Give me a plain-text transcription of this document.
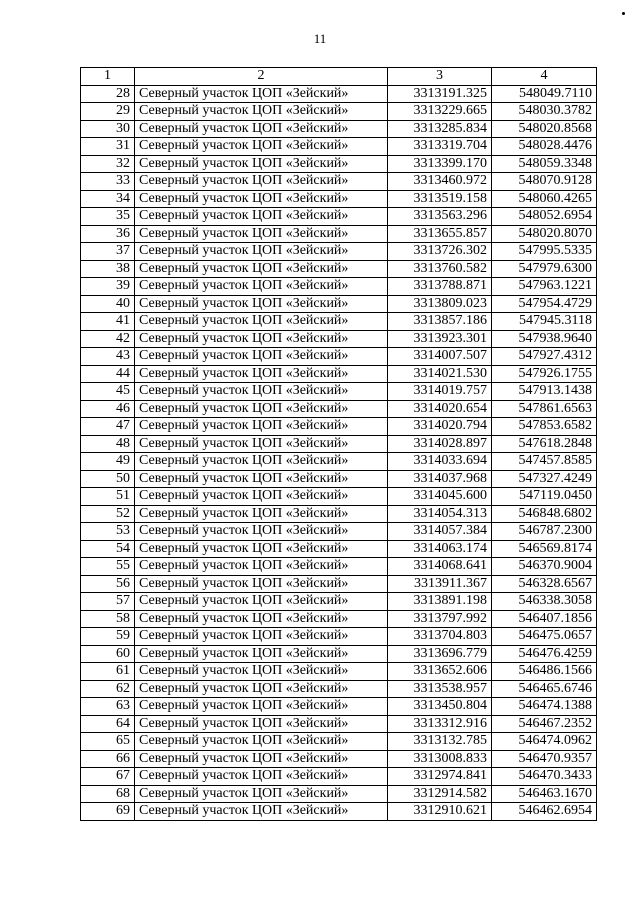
11
1	2	3	4
28	Северный участок ЦОП «Зейский»	3313191.325	548049.7110
29	Северный участок ЦОП «Зейский»	3313229.665	548030.3782
30	Северный участок ЦОП «Зейский»	3313285.834	548020.8568
31	Северный участок ЦОП «Зейский»	3313319.704	548028.4476
32	Северный участок ЦОП «Зейский»	3313399.170	548059.3348
33	Северный участок ЦОП «Зейский»	3313460.972	548070.9128
34	Северный участок ЦОП «Зейский»	3313519.158	548060.4265
35	Северный участок ЦОП «Зейский»	3313563.296	548052.6954
36	Северный участок ЦОП «Зейский»	3313655.857	548020.8070
37	Северный участок ЦОП «Зейский»	3313726.302	547995.5335
38	Северный участок ЦОП «Зейский»	3313760.582	547979.6300
39	Северный участок ЦОП «Зейский»	3313788.871	547963.1221
40	Северный участок ЦОП «Зейский»	3313809.023	547954.4729
41	Северный участок ЦОП «Зейский»	3313857.186	547945.3118
42	Северный участок ЦОП «Зейский»	3313923.301	547938.9640
43	Северный участок ЦОП «Зейский»	3314007.507	547927.4312
44	Северный участок ЦОП «Зейский»	3314021.530	547926.1755
45	Северный участок ЦОП «Зейский»	3314019.757	547913.1438
46	Северный участок ЦОП «Зейский»	3314020.654	547861.6563
47	Северный участок ЦОП «Зейский»	3314020.794	547853.6582
48	Северный участок ЦОП «Зейский»	3314028.897	547618.2848
49	Северный участок ЦОП «Зейский»	3314033.694	547457.8585
50	Северный участок ЦОП «Зейский»	3314037.968	547327.4249
51	Северный участок ЦОП «Зейский»	3314045.600	547119.0450
52	Северный участок ЦОП «Зейский»	3314054.313	546848.6802
53	Северный участок ЦОП «Зейский»	3314057.384	546787.2300
54	Северный участок ЦОП «Зейский»	3314063.174	546569.8174
55	Северный участок ЦОП «Зейский»	3314068.641	546370.9004
56	Северный участок ЦОП «Зейский»	3313911.367	546328.6567
57	Северный участок ЦОП «Зейский»	3313891.198	546338.3058
58	Северный участок ЦОП «Зейский»	3313797.992	546407.1856
59	Северный участок ЦОП «Зейский»	3313704.803	546475.0657
60	Северный участок ЦОП «Зейский»	3313696.779	546476.4259
61	Северный участок ЦОП «Зейский»	3313652.606	546486.1566
62	Северный участок ЦОП «Зейский»	3313538.957	546465.6746
63	Северный участок ЦОП «Зейский»	3313450.804	546474.1388
64	Северный участок ЦОП «Зейский»	3313312.916	546467.2352
65	Северный участок ЦОП «Зейский»	3313132.785	546474.0962
66	Северный участок ЦОП «Зейский»	3313008.833	546470.9357
67	Северный участок ЦОП «Зейский»	3312974.841	546470.3433
68	Северный участок ЦОП «Зейский»	3312914.582	546463.1670
69	Северный участок ЦОП «Зейский»	3312910.621	546462.6954
